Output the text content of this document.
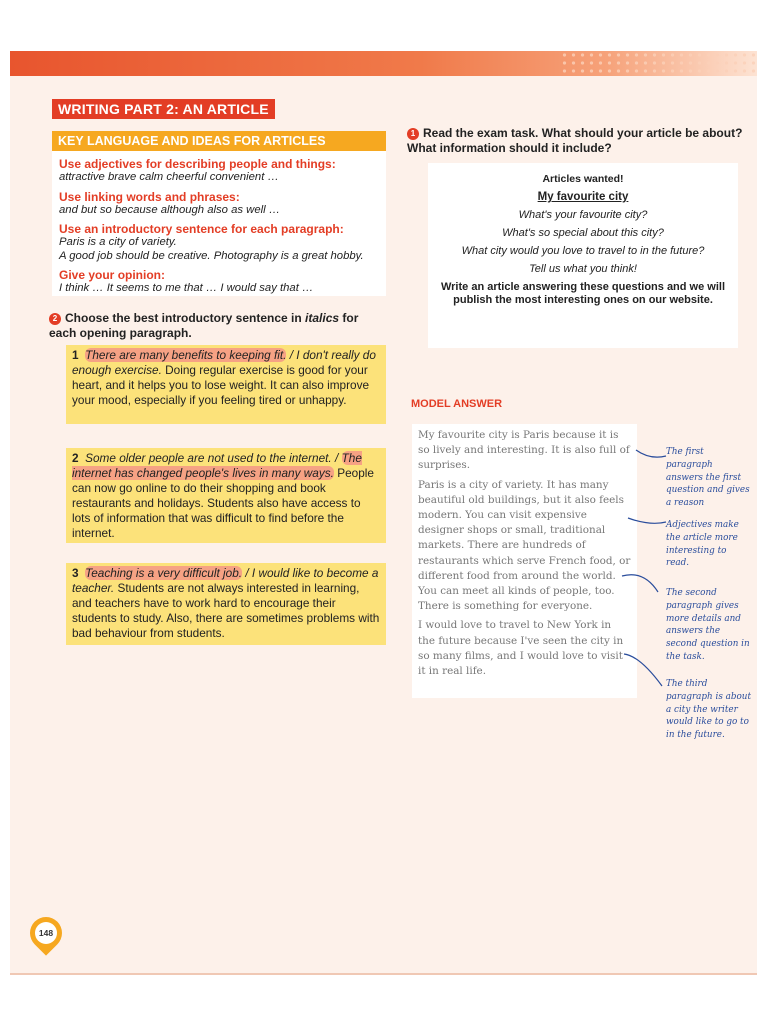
WRITING PART 2: AN ARTICLE
KEY LANGUAGE AND IDEAS FOR ARTICLES
Use adjectives for describing people and things:
attractive brave calm cheerful convenient …
Use linking words and phrases:
and but so because although also as well …
Use an introductory sentence for each paragraph:
Paris is a city of variety.
A good job should be creative. Photography is a great hobby.
Give your opinion:
I think … It seems to me that … I would say that …
2 Choose the best introductory sentence in italics for each opening paragraph.
1 There are many benefits to keeping fit. / I don't really do enough exercise. Doing regular exercise is good for your heart, and it helps you to lose weight. It can also improve your mood, especially if you feeling tired or unhappy.
2 Some older people are not used to the internet. / The internet has changed people's lives in many ways. People can now go online to do their shopping and book restaurants and holidays. Students also have access to lots of information that was difficult to find before the internet.
3 Teaching is a very difficult job. / I would like to become a teacher. Students are not always interested in learning, and teachers have to work hard to encourage their students to study. Also, there are sometimes problems with bad behaviour from students.
1 Read the exam task. What should your article be about? What information should it include?
Articles wanted!
My favourite city
What's your favourite city?
What's so special about this city?
What city would you love to travel to in the future?
Tell us what you think!
Write an article answering these questions and we will publish the most interesting ones on our website.
MODEL ANSWER

My favourite city is Paris because it is so lively and interesting. It is also full of surprises.

Paris is a city of variety. It has many beautiful old buildings, but it also feels modern. You can visit expensive designer shops or small, traditional markets. There are hundreds of restaurants which serve French food, or different food from around the world. You can meet all kinds of people, too. There is something for everyone.

I would love to travel to New York in the future because I've seen the city in so many films, and I would love to visit it in real life.

The first paragraph answers the first question and gives a reason
Adjectives make the article more interesting to read.
The second paragraph gives more details and answers the second question in the task.
The third paragraph is about a city the writer would like to go to in the future.
148
